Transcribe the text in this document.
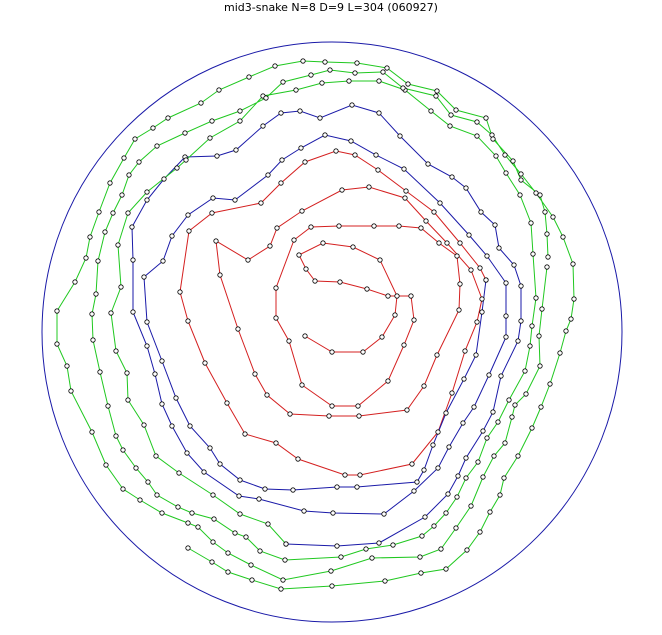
mid3-snake N=8 D=9 L=304 (060927)
